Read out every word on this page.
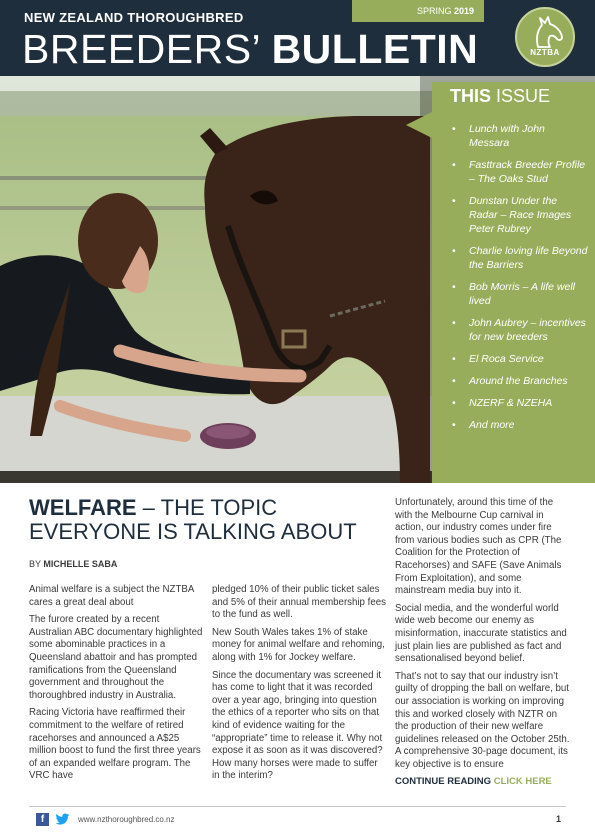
NEW ZEALAND THOROUGHBRED
BREEDERS’ BULLETIN
SPRING 2019
NZTBA
THIS ISSUE
• Lunch with John Messara
• Fasttrack Breeder Profile – The Oaks Stud
• Dunstan Under the Radar – Race Images Peter Rubrey
• Charlie loving life Beyond the Barriers
• Bob Morris – A life well lived
• John Aubrey – incentives for new breeders
• El Roca Service
• Around the Branches
• NZERF & NZEHA
• And more
WELFARE – THE TOPIC EVERYONE IS TALKING ABOUT
BY MICHELLE SABA

Animal welfare is a subject the NZTBA cares a great deal about

The furore created by a recent Australian ABC documentary highlighted some abominable practices in a Queensland abattoir and has prompted ramifications from the Queensland government and throughout the thoroughbred industry in Australia.

Racing Victoria have reaffirmed their commitment to the welfare of retired racehorses and announced a A$25 million boost to fund the first three years of an expanded welfare program. The VRC have

pledged 10% of their public ticket sales and 5% of their annual membership fees to the fund as well.

New South Wales takes 1% of stake money for animal welfare and rehoming, along with 1% for Jockey welfare.

Since the documentary was screened it has come to light that it was recorded over a year ago, bringing into question the ethics of a reporter who sits on that kind of evidence waiting for the “appropriate” time to release it. Why not expose it as soon as it was discovered? How many horses were made to suffer in the interim?

Unfortunately, around this time of the with the Melbourne Cup carnival in action, our industry comes under fire from various bodies such as CPR (The Coalition for the Protection of Racehorses) and SAFE (Save Animals From Exploitation), and some mainstream media buy into it.

Social media, and the wonderful world wide web become our enemy as misinformation, inaccurate statistics and just plain lies are published as fact and sensationalised beyond belief.

That’s not to say that our industry isn’t guilty of dropping the ball on welfare, but our association is working on improving this and worked closely with NZTR on the production of their new welfare guidelines released on the October 25th. A comprehensive 30-page document, its key objective is to ensure

CONTINUE READING CLICK HERE
f	www.nzthoroughbred.co.nz	1
